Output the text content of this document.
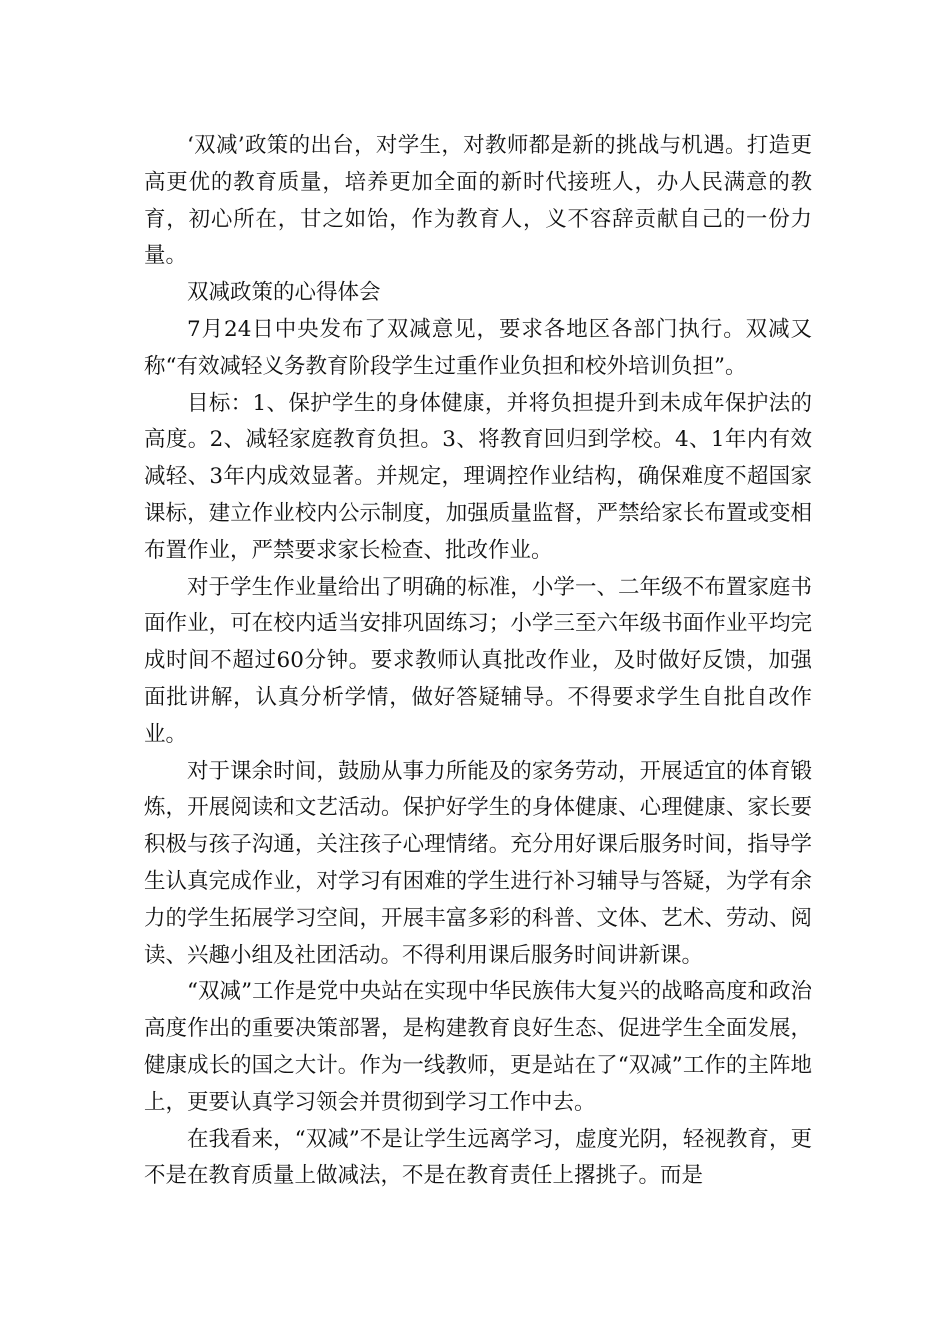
‘双减’政策的出台，对学生，对教师都是新的挑战与机遇。打造更高更优的教育质量，培养更加全面的新时代接班人，办人民满意的教育，初心所在，甘之如饴，作为教育人，义不容辞贡献自己的一份力量。

双减政策的心得体会

7月24日中央发布了双减意见，要求各地区各部门执行。双减又称“有效减轻义务教育阶段学生过重作业负担和校外培训负担”。

目标：1、保护学生的身体健康，并将负担提升到未成年保护法的高度。2、减轻家庭教育负担。3、将教育回归到学校。4、1年内有效减轻、3年内成效显著。并规定，理调控作业结构，确保难度不超国家课标，建立作业校内公示制度，加强质量监督，严禁给家长布置或变相布置作业，严禁要求家长检查、批改作业。

对于学生作业量给出了明确的标准，小学一、二年级不布置家庭书面作业，可在校内适当安排巩固练习；小学三至六年级书面作业平均完成时间不超过60分钟。要求教师认真批改作业，及时做好反馈，加强面批讲解，认真分析学情，做好答疑辅导。不得要求学生自批自改作业。

对于课余时间，鼓励从事力所能及的家务劳动，开展适宜的体育锻炼，开展阅读和文艺活动。保护好学生的身体健康、心理健康、家长要积极与孩子沟通，关注孩子心理情绪。充分用好课后服务时间，指导学生认真完成作业，对学习有困难的学生进行补习辅导与答疑，为学有余力的学生拓展学习空间，开展丰富多彩的科普、文体、艺术、劳动、阅读、兴趣小组及社团活动。不得利用课后服务时间讲新课。

“双减”工作是党中央站在实现中华民族伟大复兴的战略高度和政治高度作出的重要决策部署，是构建教育良好生态、促进学生全面发展，健康成长的国之大计。作为一线教师，更是站在了“双减”工作的主阵地上，更要认真学习领会并贯彻到学习工作中去。

在我看来，“双减”不是让学生远离学习，虚度光阴，轻视教育，更不是在教育质量上做减法，不是在教育责任上撂挑子。而是
